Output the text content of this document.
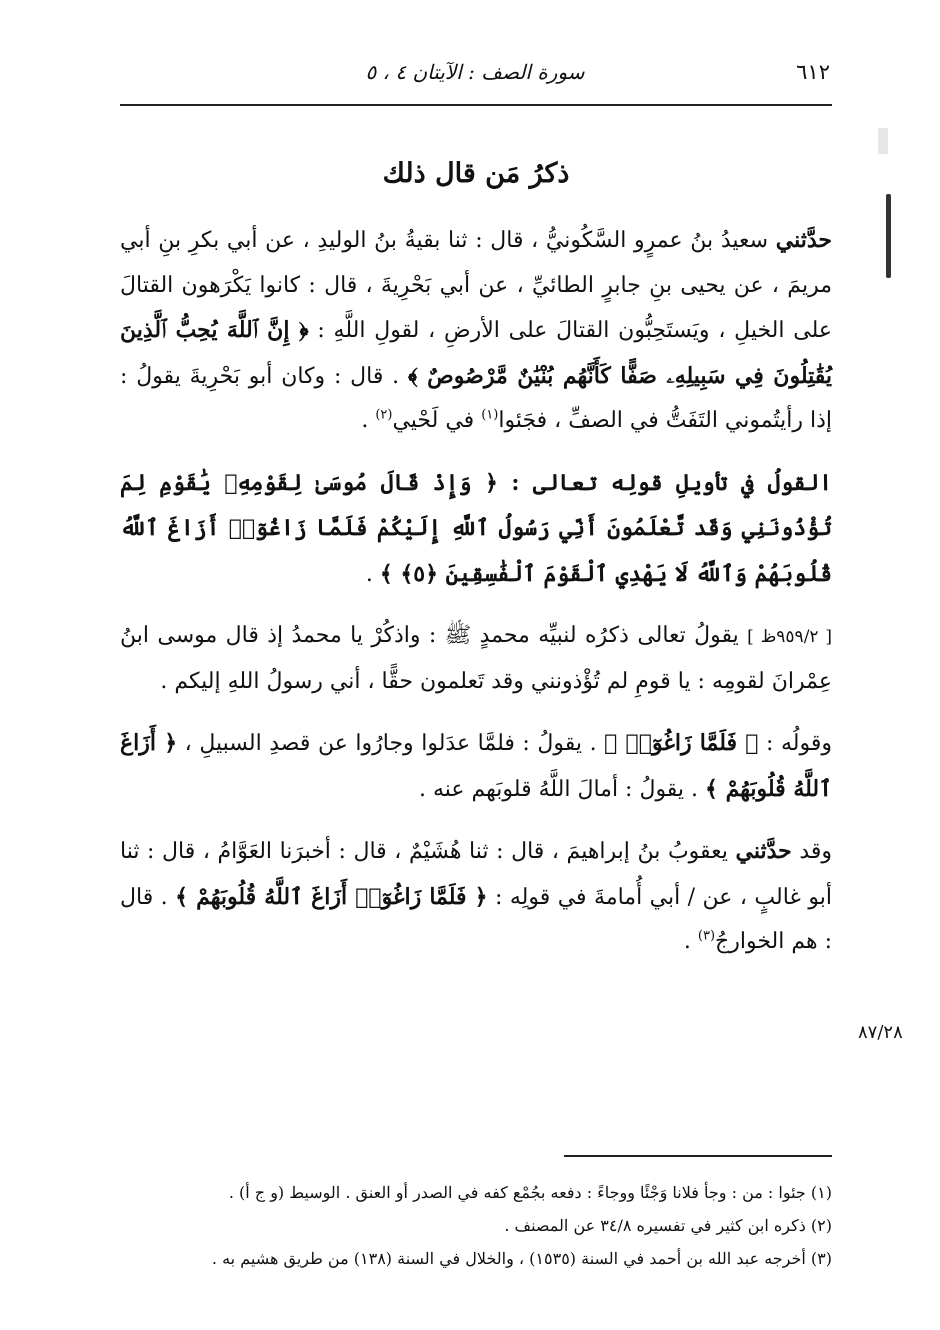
٦١٢
سورة الصف : الآيتان ٤ ، ٥
ذكرُ مَن قال ذلك

حدَّثني سعيدُ بنُ عمرٍو السَّكُونيُّ ، قال : ثنا بقيةُ بنُ الوليدِ ، عن أبي بكرِ بنِ أبي مريمَ ، عن يحيى بنِ جابرٍ الطائيِّ ، عن أبي بَحْرِيةَ ، قال : كانوا يَكْرَهون القتالَ على الخيلِ ، ويَستَحِبُّون القتالَ على الأرضِ ، لقولِ اللَّهِ : ﴿ إِنَّ ٱللَّهَ يُحِبُّ ٱلَّذِينَ يُقَٰتِلُونَ فِي سَبِيلِهِۦ صَفًّا كَأَنَّهُم بُنْيَٰنٌ مَّرْصُوصٌ ﴾ . قال : وكان أبو بَحْرِيةَ يقولُ : إذا رأيتُموني التَفَتُّ في الصفِّ ، فجَئوا$^{(١)}$ في لَحْيي$^{(٢)}$ .

القولُ في تأويلِ قولِه تعالى : ﴿ وَإِذْ قَالَ مُوسَىٰ لِقَوْمِهِۦ يَٰقَوْمِ لِمَ تُؤْذُونَنِي وَقَد تَّعْلَمُونَ أَنِّي رَسُولُ ٱللَّهِ إِلَيْكُمْ فَلَمَّا زَاغُوٓا۟ أَزَاغَ ٱللَّهُ قُلُوبَهُمْ وَٱللَّهُ لَا يَهْدِي ٱلْقَوْمَ ٱلْفَٰسِقِينَ ﴿٥﴾ ﴾ .

[ ٩٥٩/٢ظ ] يقولُ تعالى ذكرُه لنبيِّه محمدٍ ﷺ : واذكُرْ يا محمدُ إذ قال موسى ابنُ عِمْرانَ لقومِه : يا قومِ لم تُؤْذونني وقد تَعلمون حقًّا ، أني رسولُ اللهِ إليكم .

وقولُه : ﴿ فَلَمَّا زَاغُوٓا۟ ﴾ . يقولُ : فلمَّا عدَلوا وجارُوا عن قصدِ السبيلِ ، ﴿ أَزَاغَ ٱللَّهُ قُلُوبَهُمْ ﴾ . يقولُ : أمالَ اللَّهُ قلوبَهم عنه .

وقد حدَّثني يعقوبُ بنُ إبراهيمَ ، قال : ثنا هُشَيْمٌ ، قال : أخبرَنا العَوَّامُ ، قال : ثنا أبو غالبٍ ، عن / أبي أُمامةَ في قولِه : ﴿ فَلَمَّا زَاغُوٓا۟ أَزَاغَ ٱللَّهُ قُلُوبَهُمْ ﴾ . قال : هم الخوارجُ$^{(٣)}$ .

٨٧/٢٨
(١) جئوا : من : وجأ فلانا وَجْئًا ووجاءً : دفعه بجُمْع كفه في الصدر أو العنق . الوسيط (و ج أ) .
(٢) ذكره ابن كثير في تفسيره ٣٤/٨ عن المصنف .
(٣) أخرجه عبد الله بن أحمد في السنة (١٥٣٥) ، والخلال في السنة (١٣٨) من طريق هشيم به .
